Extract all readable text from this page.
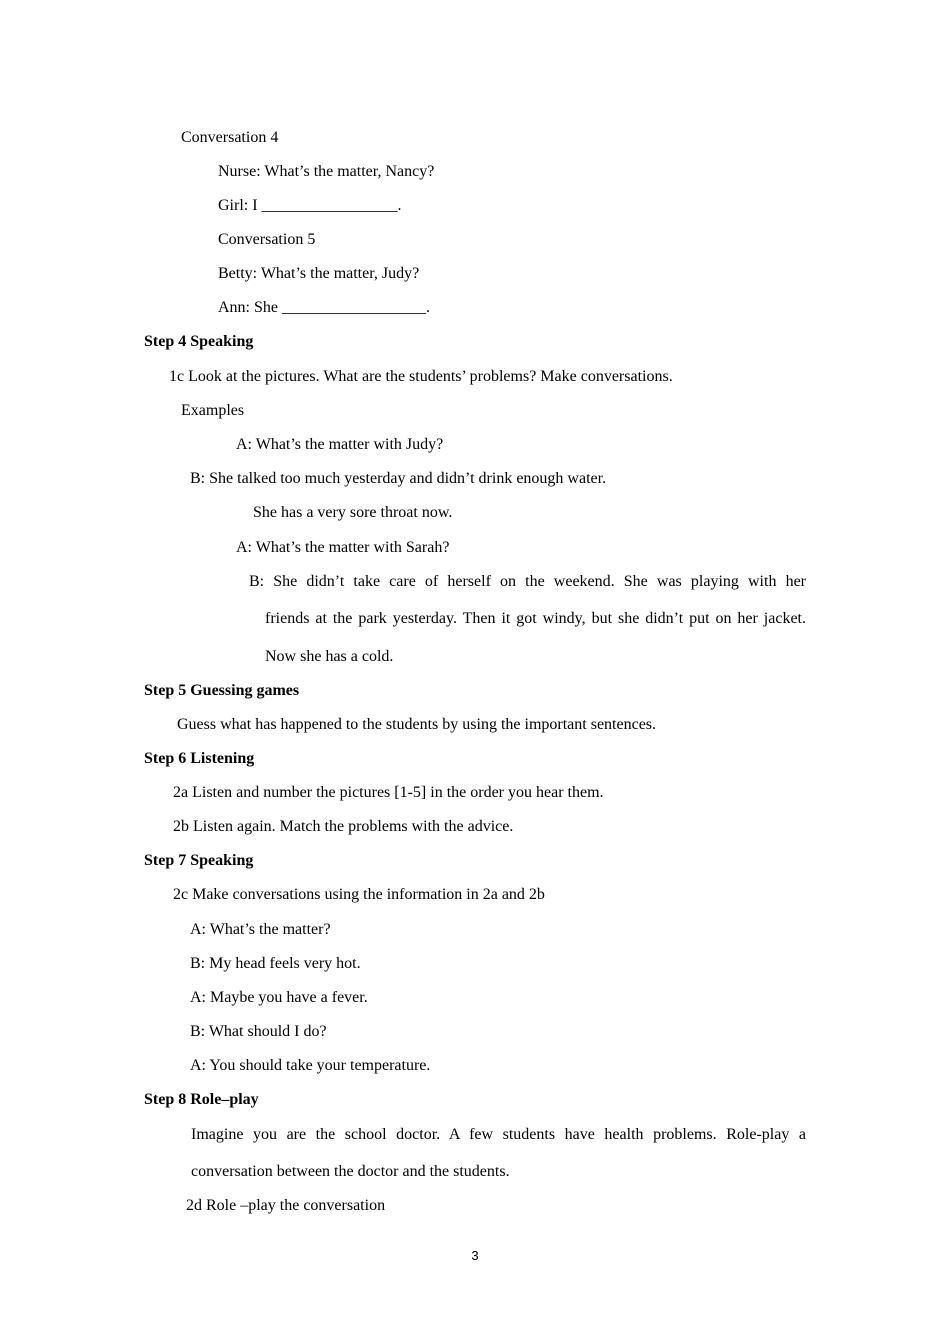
Conversation 4
Nurse: What’s the matter, Nancy?
Girl: I _________________.
Conversation 5
Betty: What’s the matter, Judy?
Ann: She __________________.
Step 4 Speaking
1c Look at the pictures. What are the students’ problems? Make conversations.
Examples
A: What’s the matter with Judy?
B: She talked too much yesterday and didn’t drink enough water.
She has a very sore throat now.
A: What’s the matter with Sarah?
B: She didn’t take care of herself on the weekend. She was playing with her
friends at the park yesterday. Then it got windy, but she didn’t put on her jacket.
Now she has a cold.
Step 5 Guessing games
Guess what has happened to the students by using the important sentences.
Step 6 Listening
2a Listen and number the pictures [1-5] in the order you hear them.
2b Listen again. Match the problems with the advice.
Step 7 Speaking
2c Make conversations using the information in 2a and 2b
A: What’s the matter?
B: My head feels very hot.
A: Maybe you have a fever.
B: What should I do?
A: You should take your temperature.
Step 8 Role–play
Imagine you are the school doctor. A few students have health problems. Role-play a
conversation between the doctor and the students.
2d Role –play the conversation
3
